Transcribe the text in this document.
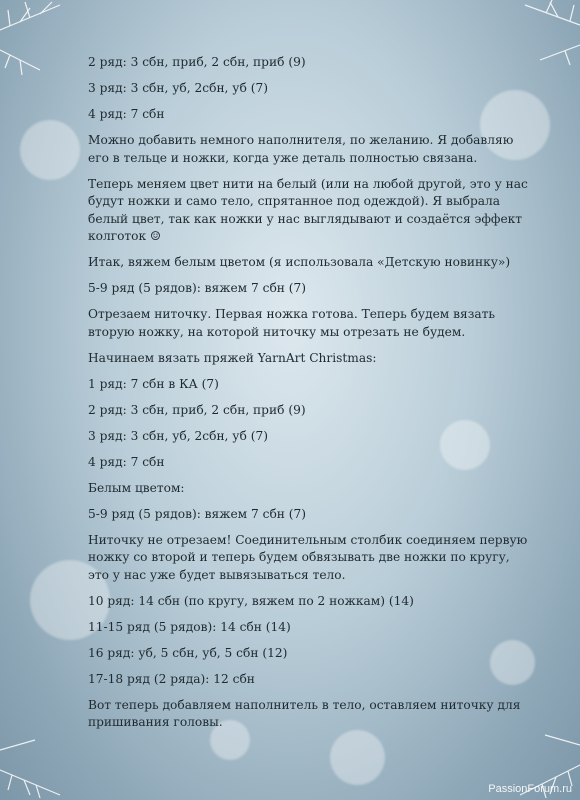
2 ряд: 3 сбн, приб, 2 сбн, приб (9)

3 ряд: 3 сбн, уб, 2сбн, уб (7)

4 ряд: 7 сбн

Можно добавить немного наполнителя, по желанию. Я добавляю его в тельце и ножки, когда уже деталь полностью связана.

Теперь меняем цвет нити на белый (или на любой другой, это у нас будут ножки и само тело, спрятанное под одеждой). Я выбрала белый цвет, так как ножки у нас выглядывают и создаётся эффект колготок ☺

Итак, вяжем белым цветом (я использовала «Детскую новинку»)

5-9 ряд (5 рядов): вяжем 7 сбн (7)

Отрезаем ниточку. Первая ножка готова. Теперь будем вязать вторую ножку, на которой ниточку мы отрезать не будем.

Начинаем вязать пряжей YarnArt Christmas:

1 ряд: 7 сбн в КА (7)

2 ряд: 3 сбн, приб, 2 сбн, приб (9)

3 ряд: 3 сбн, уб, 2сбн, уб (7)

4 ряд: 7 сбн

Белым цветом:

5-9 ряд (5 рядов): вяжем 7 сбн (7)

Ниточку не отрезаем! Соединительным столбик соединяем первую ножку со второй и теперь будем обвязывать две ножки по кругу, это у нас уже будет вывязываться тело.

10 ряд: 14 сбн (по кругу, вяжем по 2 ножкам) (14)

11-15 ряд (5 рядов): 14 сбн (14)

16 ряд: уб, 5 сбн, уб, 5 сбн (12)

17-18 ряд (2 ряда): 12 сбн

Вот теперь добавляем наполнитель в тело, оставляем ниточку для пришивания головы.

PassionForum.ru
